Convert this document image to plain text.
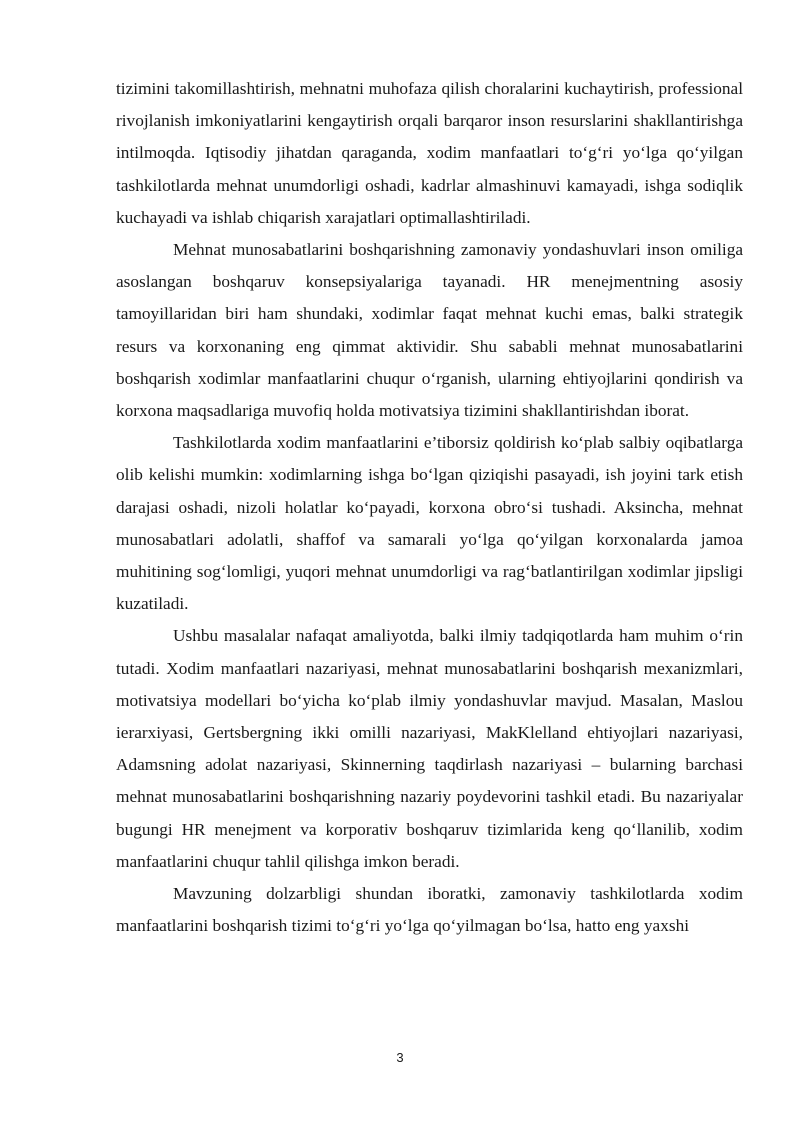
tizimini takomillashtirish, mehnatni muhofaza qilish choralarini kuchaytirish, professional rivojlanish imkoniyatlarini kengaytirish orqali barqaror inson resurslarini shakllantirishga intilmoqda. Iqtisodiy jihatdan qaraganda, xodim manfaatlari to‘g‘ri yo‘lga qo‘yilgan tashkilotlarda mehnat unumdorligi oshadi, kadrlar almashinuvi kamayadi, ishga sodiqlik kuchayadi va ishlab chiqarish xarajatlari optimallashtiriladi.

Mehnat munosabatlarini boshqarishning zamonaviy yondashuvlari inson omiliga asoslangan boshqaruv konsepsiyalariga tayanadi. HR menejmentning asosiy tamoyillaridan biri ham shundaki, xodimlar faqat mehnat kuchi emas, balki strategik resurs va korxonaning eng qimmat aktividir. Shu sababli mehnat munosabatlarini boshqarish xodimlar manfaatlarini chuqur o‘rganish, ularning ehtiyojlarini qondirish va korxona maqsadlariga muvofiq holda motivatsiya tizimini shakllantirishdan iborat.

Tashkilotlarda xodim manfaatlarini e’tiborsiz qoldirish ko‘plab salbiy oqibatlarga olib kelishi mumkin: xodimlarning ishga bo‘lgan qiziqishi pasayadi, ish joyini tark etish darajasi oshadi, nizoli holatlar ko‘payadi, korxona obro‘si tushadi. Aksincha, mehnat munosabatlari adolatli, shaffof va samarali yo‘lga qo‘yilgan korxonalarda jamoa muhitining sog‘lomligi, yuqori mehnat unumdorligi va rag‘batlantirilgan xodimlar jipsligi kuzatiladi.

Ushbu masalalar nafaqat amaliyotda, balki ilmiy tadqiqotlarda ham muhim o‘rin tutadi. Xodim manfaatlari nazariyasi, mehnat munosabatlarini boshqarish mexanizmlari, motivatsiya modellari bo‘yicha ko‘plab ilmiy yondashuvlar mavjud. Masalan, Maslou ierarxiyasi, Gertsbergning ikki omilli nazariyasi, MakKlelland ehtiyojlari nazariyasi, Adamsning adolat nazariyasi, Skinnerning taqdirlash nazariyasi – bularning barchasi mehnat munosabatlarini boshqarishning nazariy poydevorini tashkil etadi. Bu nazariyalar bugungi HR menejment va korporativ boshqaruv tizimlarida keng qo‘llanilib, xodim manfaatlarini chuqur tahlil qilishga imkon beradi.

Mavzuning dolzarbligi shundan iboratki, zamonaviy tashkilotlarda xodim manfaatlarini boshqarish tizimi to‘g‘ri yo‘lga qo‘yilmagan bo‘lsa, hatto eng yaxshi

3
